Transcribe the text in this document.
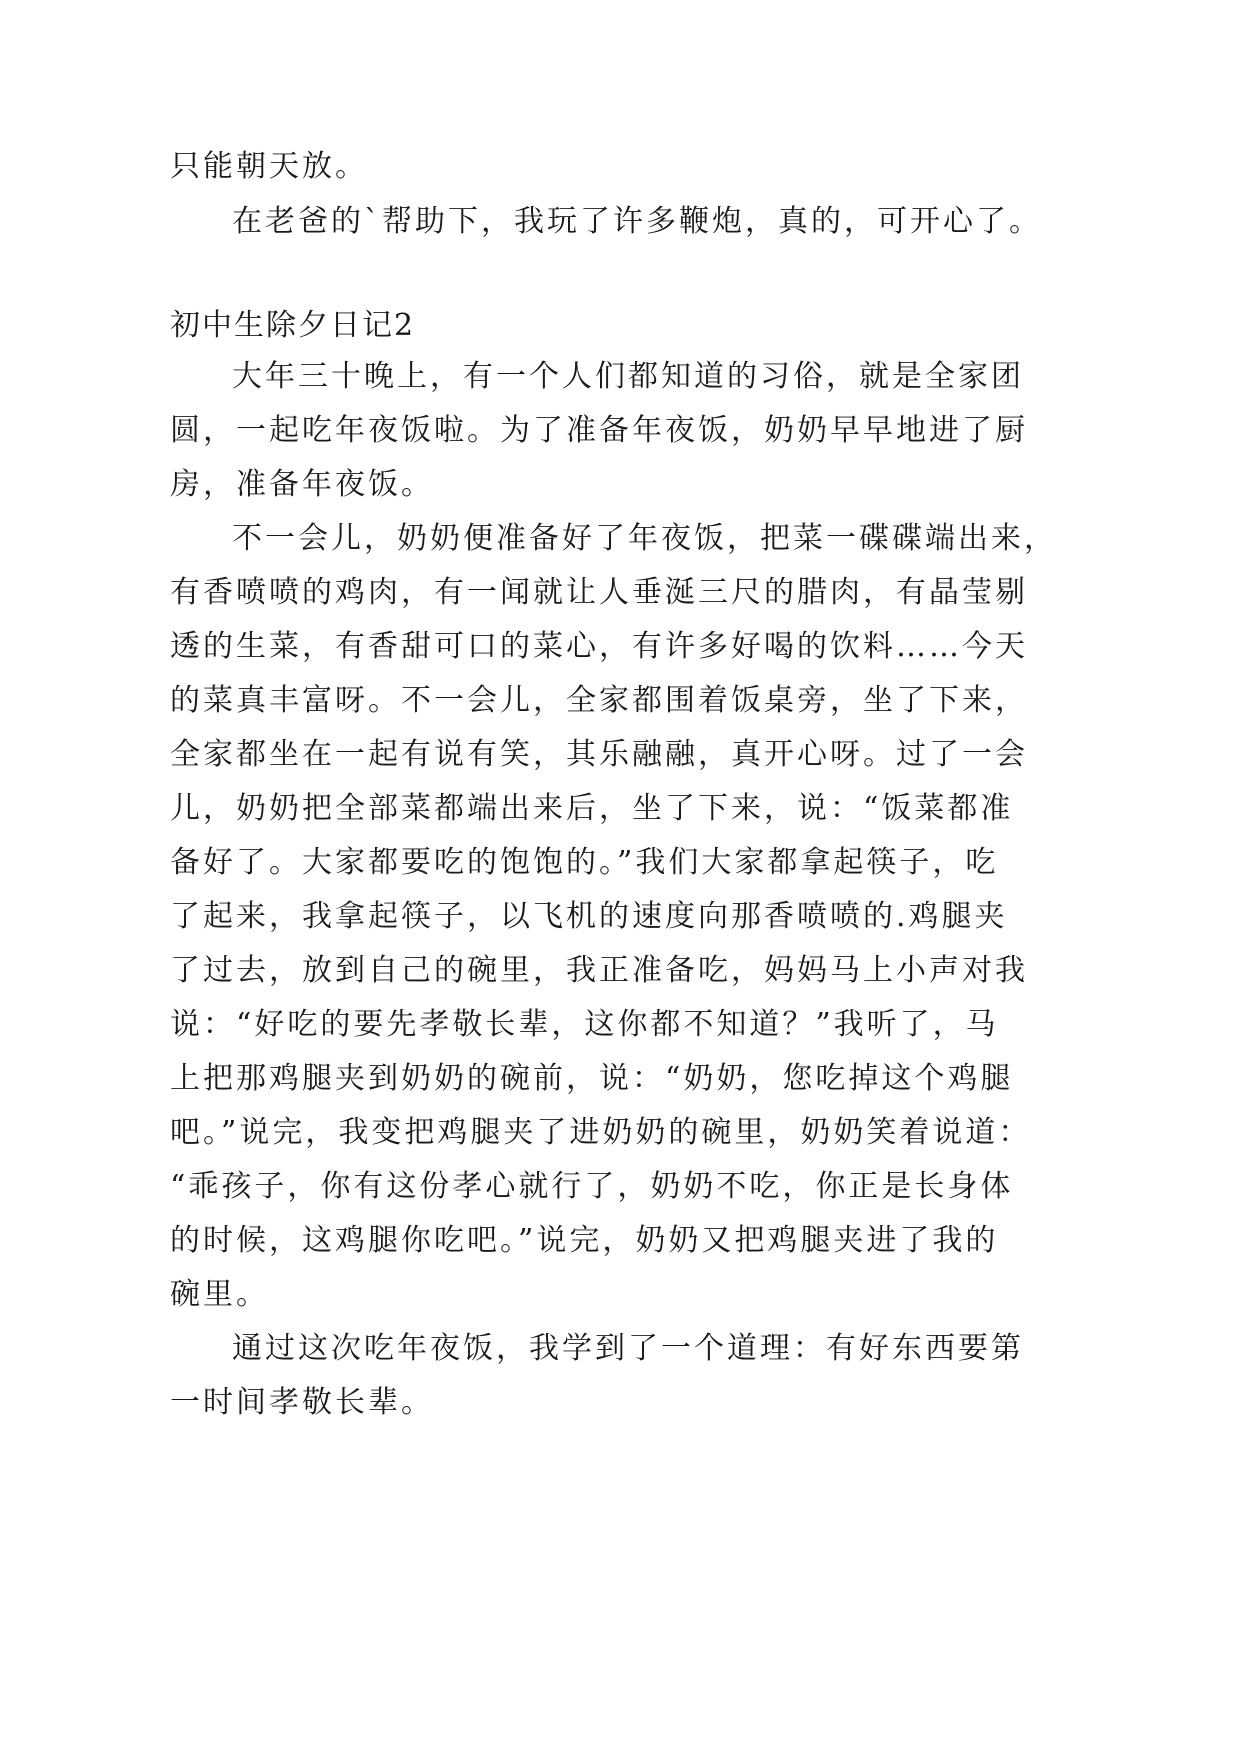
只能朝天放。
在老爸的`帮助下，我玩了许多鞭炮，真的，可开心了。
初中生除夕日记2
大年三十晚上，有一个人们都知道的习俗，就是全家团
圆，一起吃年夜饭啦。为了准备年夜饭，奶奶早早地进了厨
房，准备年夜饭。
不一会儿，奶奶便准备好了年夜饭，把菜一碟碟端出来，
有香喷喷的鸡肉，有一闻就让人垂涎三尺的腊肉，有晶莹剔
透的生菜，有香甜可口的菜心，有许多好喝的饮料……今天
的菜真丰富呀。不一会儿，全家都围着饭桌旁，坐了下来，
全家都坐在一起有说有笑，其乐融融，真开心呀。过了一会
儿，奶奶把全部菜都端出来后，坐了下来，说：“饭菜都准
备好了。大家都要吃的饱饱的。”我们大家都拿起筷子，吃
了起来，我拿起筷子，以飞机的速度向那香喷喷的.鸡腿夹
了过去，放到自己的碗里，我正准备吃，妈妈马上小声对我
说：“好吃的要先孝敬长辈，这你都不知道？”我听了，马
上把那鸡腿夹到奶奶的碗前，说：“奶奶，您吃掉这个鸡腿
吧。”说完，我变把鸡腿夹了进奶奶的碗里，奶奶笑着说道：
“乖孩子，你有这份孝心就行了，奶奶不吃，你正是长身体
的时候，这鸡腿你吃吧。”说完，奶奶又把鸡腿夹进了我的
碗里。
通过这次吃年夜饭，我学到了一个道理：有好东西要第
一时间孝敬长辈。
